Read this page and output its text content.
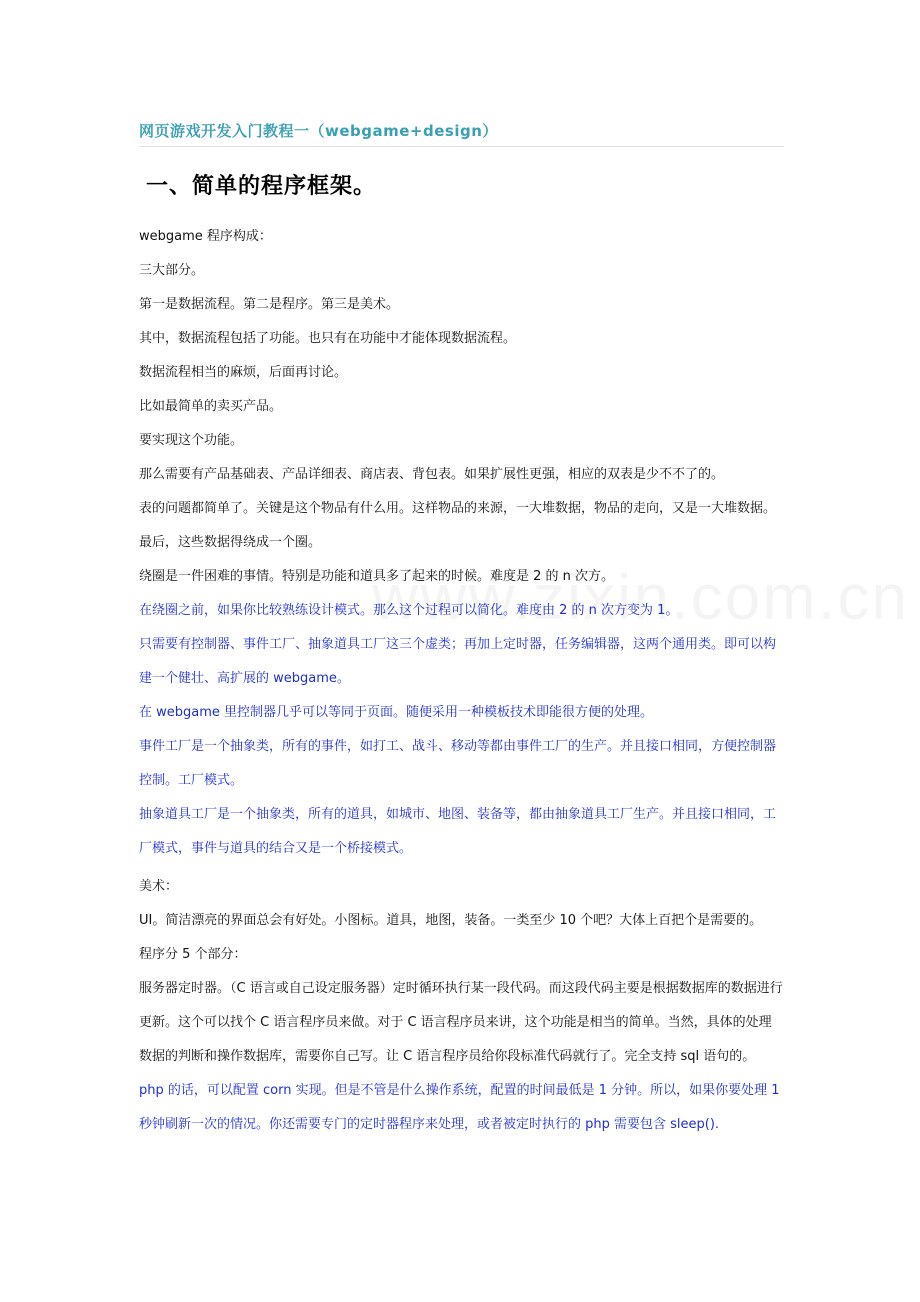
网页游戏开发入门教程一（webgame+design）
一、简单的程序框架。

webgame 程序构成：

三大部分。

第一是数据流程。第二是程序。第三是美术。

其中，数据流程包括了功能。也只有在功能中才能体现数据流程。

数据流程相当的麻烦，后面再讨论。

比如最简单的卖买产品。

要实现这个功能。

那么需要有产品基础表、产品详细表、商店表、背包表。如果扩展性更强，相应的双表是少不不了的。

表的问题都简单了。关键是这个物品有什么用。这样物品的来源，一大堆数据，物品的走向，又是一大堆数据。

最后，这些数据得绕成一个圈。

绕圈是一件困难的事情。特别是功能和道具多了起来的时候。难度是 2 的 n 次方。

在绕圈之前，如果你比较熟练设计模式。那么这个过程可以简化。难度由 2 的 n 次方变为 1。

只需要有控制器、事件工厂、抽象道具工厂这三个虚类；再加上定时器，任务编辑器，这两个通用类。即可以构建一个健壮、高扩展的 webgame。

在 webgame 里控制器几乎可以等同于页面。随便采用一种模板技术即能很方便的处理。

事件工厂是一个抽象类，所有的事件，如打工、战斗、移动等都由事件工厂的生产。并且接口相同，方便控制器控制。工厂模式。

抽象道具工厂是一个抽象类，所有的道具，如城市、地图、装备等，都由抽象道具工厂生产。并且接口相同，工厂模式，事件与道具的结合又是一个桥接模式。

美术：

UI。简洁漂亮的界面总会有好处。小图标。道具，地图，装备。一类至少 10 个吧？大体上百把个是需要的。

程序分 5 个部分：

服务器定时器。（C 语言或自己设定服务器）定时循环执行某一段代码。而这段代码主要是根据数据库的数据进行更新。这个可以找个 C 语言程序员来做。对于 C 语言程序员来讲，这个功能是相当的简单。当然，具体的处理数据的判断和操作数据库，需要你自己写。让 C 语言程序员给你段标准代码就行了。完全支持 sql 语句的。

php 的话，可以配置 corn 实现。但是不管是什么操作系统，配置的时间最低是 1 分钟。所以，如果你要处理 1 秒钟刷新一次的情况。你还需要专门的定时器程序来处理，或者被定时执行的 php 需要包含 sleep().
